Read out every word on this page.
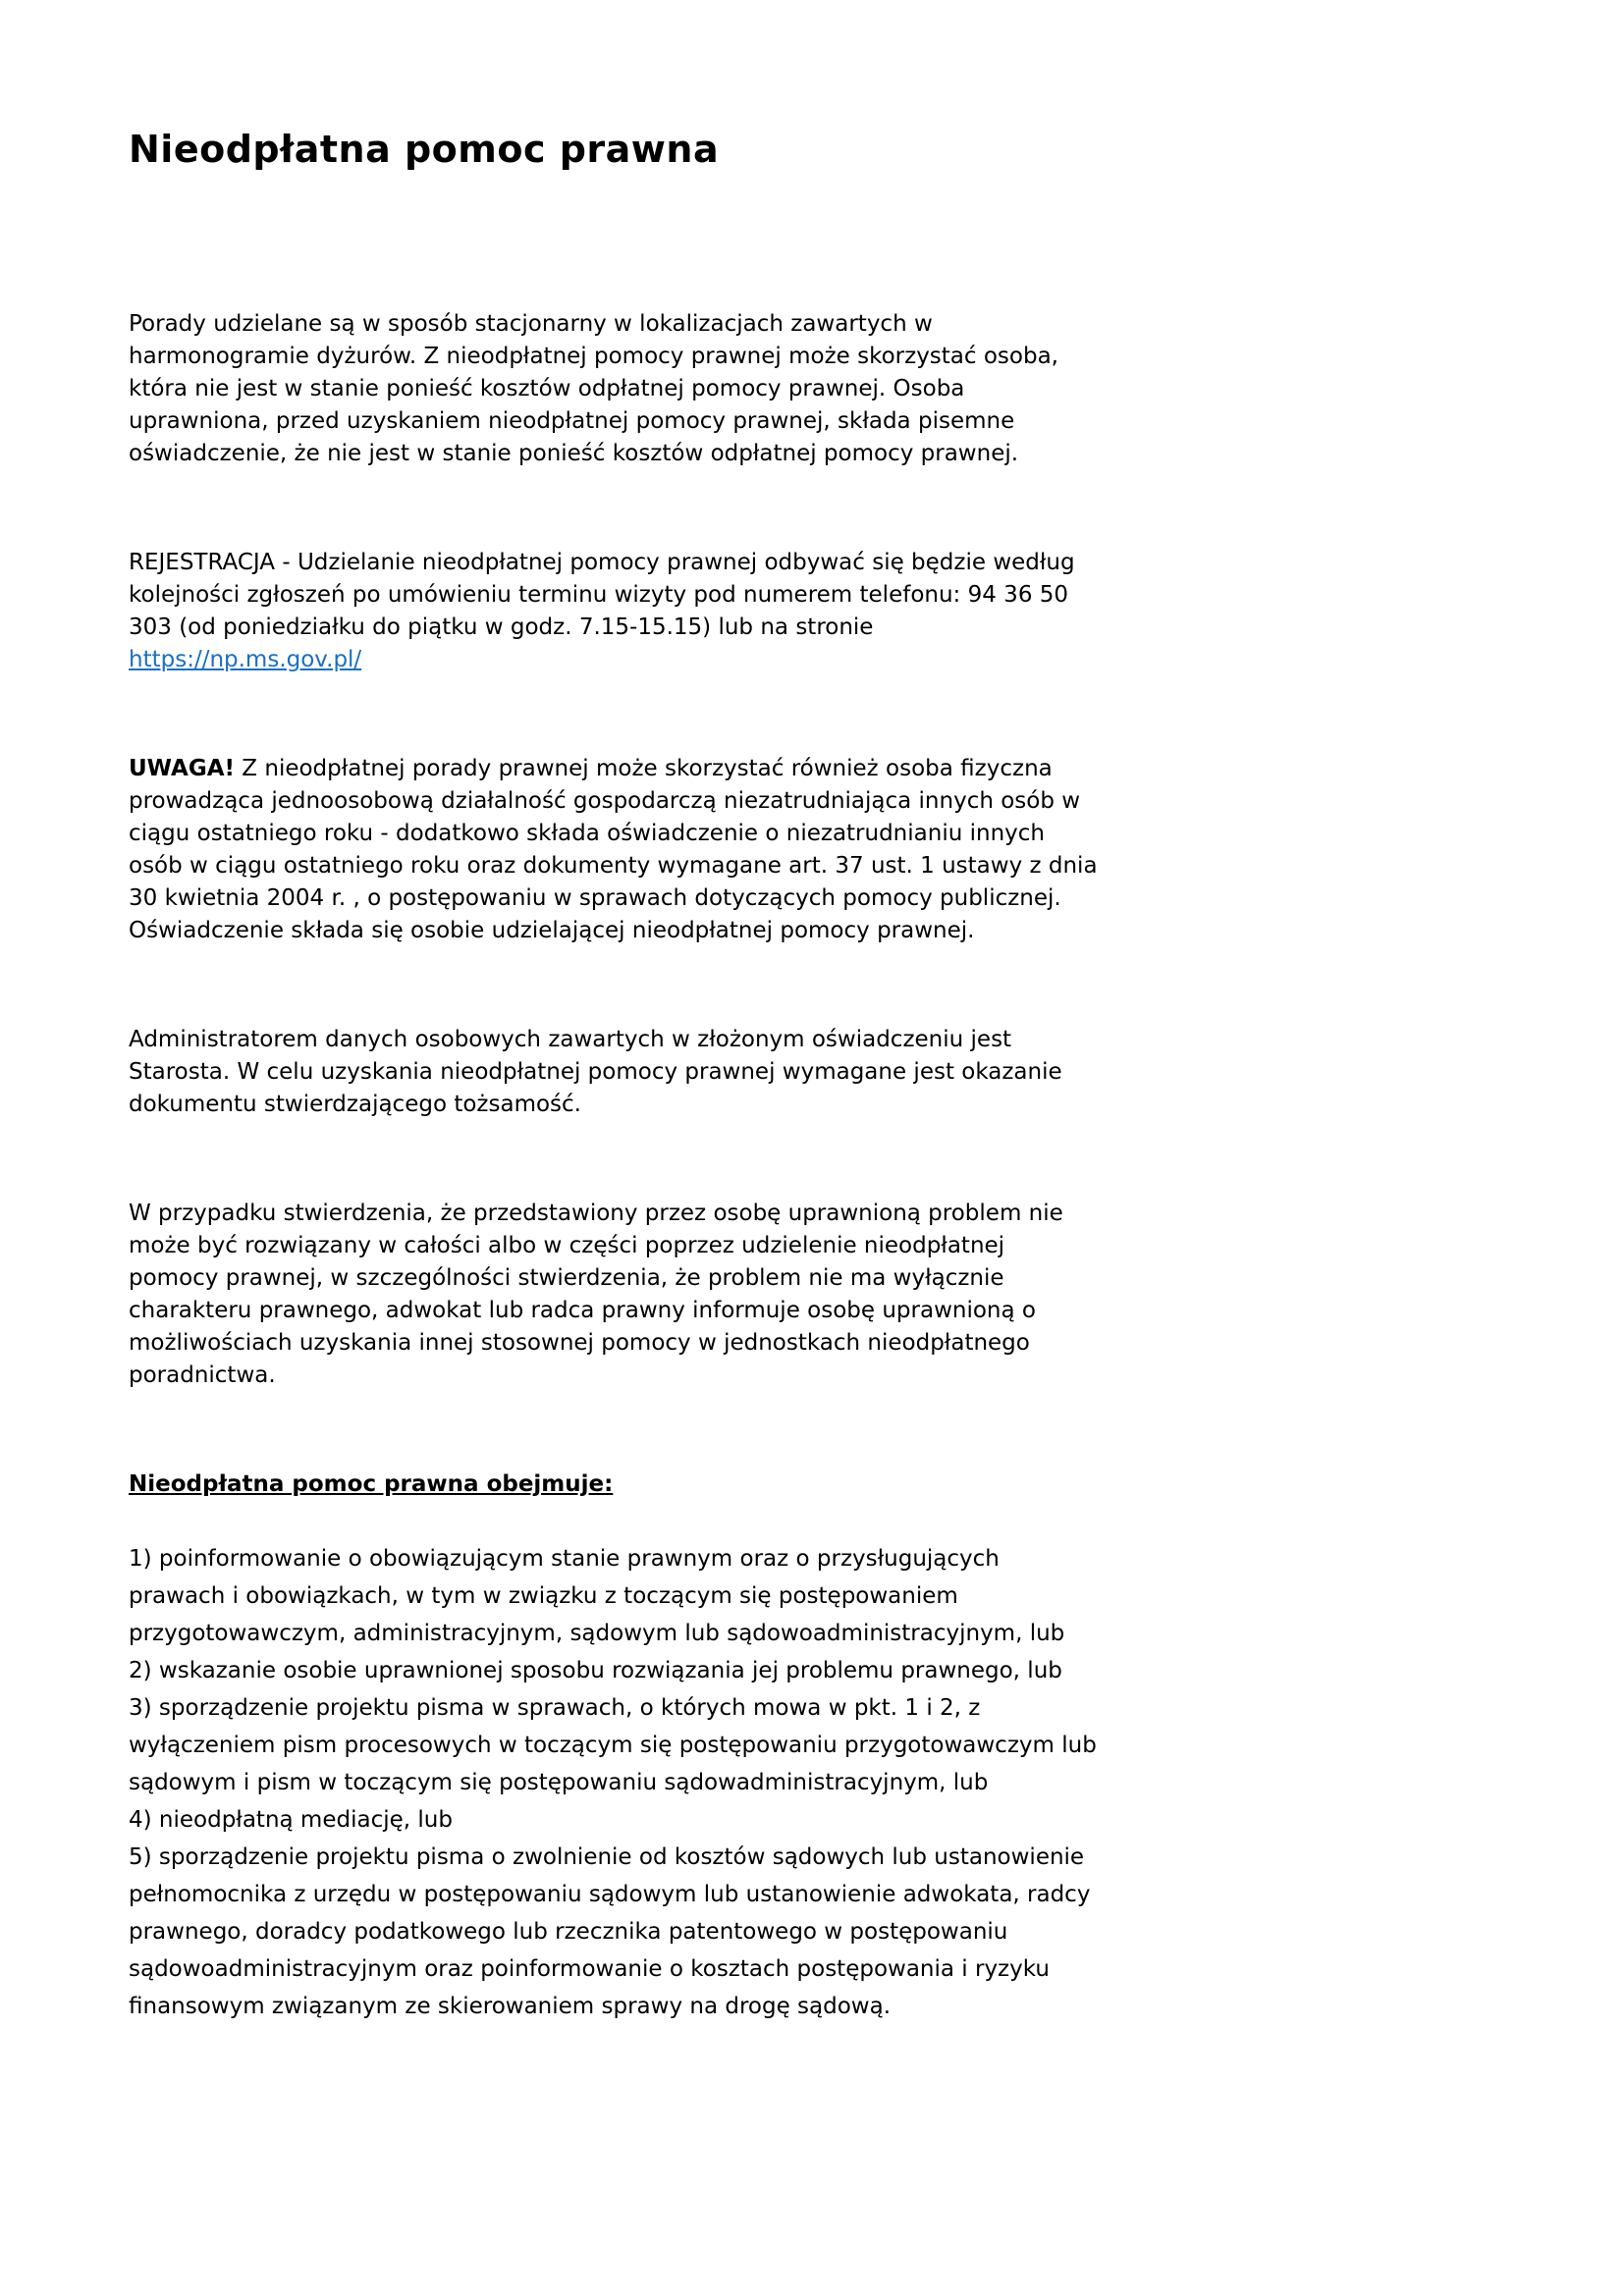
Nieodpłatna pomoc prawna

Porady udzielane są w sposób stacjonarny w lokalizacjach zawartych w harmonogramie dyżurów. Z nieodpłatnej pomocy prawnej może skorzystać osoba, która nie jest w stanie ponieść kosztów odpłatnej pomocy prawnej. Osoba uprawniona, przed uzyskaniem nieodpłatnej pomocy prawnej, składa pisemne oświadczenie, że nie jest w stanie ponieść kosztów odpłatnej pomocy prawnej.

REJESTRACJA - Udzielanie nieodpłatnej pomocy prawnej odbywać się będzie według kolejności zgłoszeń po umówieniu terminu wizyty pod numerem telefonu: 94 36 50 303 (od poniedziałku do piątku w godz. 7.15-15.15) lub na stronie https://np.ms.gov.pl/

UWAGA! Z nieodpłatnej porady prawnej może skorzystać również osoba fizyczna prowadząca jednoosobową działalność gospodarczą niezatrudniająca innych osób w ciągu ostatniego roku - dodatkowo składa oświadczenie o niezatrudnianiu innych osób w ciągu ostatniego roku oraz dokumenty wymagane art. 37 ust. 1 ustawy z dnia 30 kwietnia 2004 r. , o postępowaniu w sprawach dotyczących pomocy publicznej. Oświadczenie składa się osobie udzielającej nieodpłatnej pomocy prawnej.

Administratorem danych osobowych zawartych w złożonym oświadczeniu jest Starosta. W celu uzyskania nieodpłatnej pomocy prawnej wymagane jest okazanie dokumentu stwierdzającego tożsamość.

W przypadku stwierdzenia, że przedstawiony przez osobę uprawnioną problem nie może być rozwiązany w całości albo w części poprzez udzielenie nieodpłatnej pomocy prawnej, w szczególności stwierdzenia, że problem nie ma wyłącznie charakteru prawnego, adwokat lub radca prawny informuje osobę uprawnioną o możliwościach uzyskania innej stosownej pomocy w jednostkach nieodpłatnego poradnictwa.

Nieodpłatna pomoc prawna obejmuje:
1) poinformowanie o obowiązującym stanie prawnym oraz o przysługujących prawach i obowiązkach, w tym w związku z toczącym się postępowaniem przygotowawczym, administracyjnym, sądowym lub sądowoadministracyjnym, lub
2) wskazanie osobie uprawnionej sposobu rozwiązania jej problemu prawnego, lub
3) sporządzenie projektu pisma w sprawach, o których mowa w pkt. 1 i 2, z wyłączeniem pism procesowych w toczącym się postępowaniu przygotowawczym lub sądowym i pism w toczącym się postępowaniu sądowadministracyjnym, lub
4) nieodpłatną mediację, lub
5) sporządzenie projektu pisma o zwolnienie od kosztów sądowych lub ustanowienie pełnomocnika z urzędu w postępowaniu sądowym lub ustanowienie adwokata, radcy prawnego, doradcy podatkowego lub rzecznika patentowego w postępowaniu sądowoadministracyjnym oraz poinformowanie o kosztach postępowania i ryzyku finansowym związanym ze skierowaniem sprawy na drogę sądową.
